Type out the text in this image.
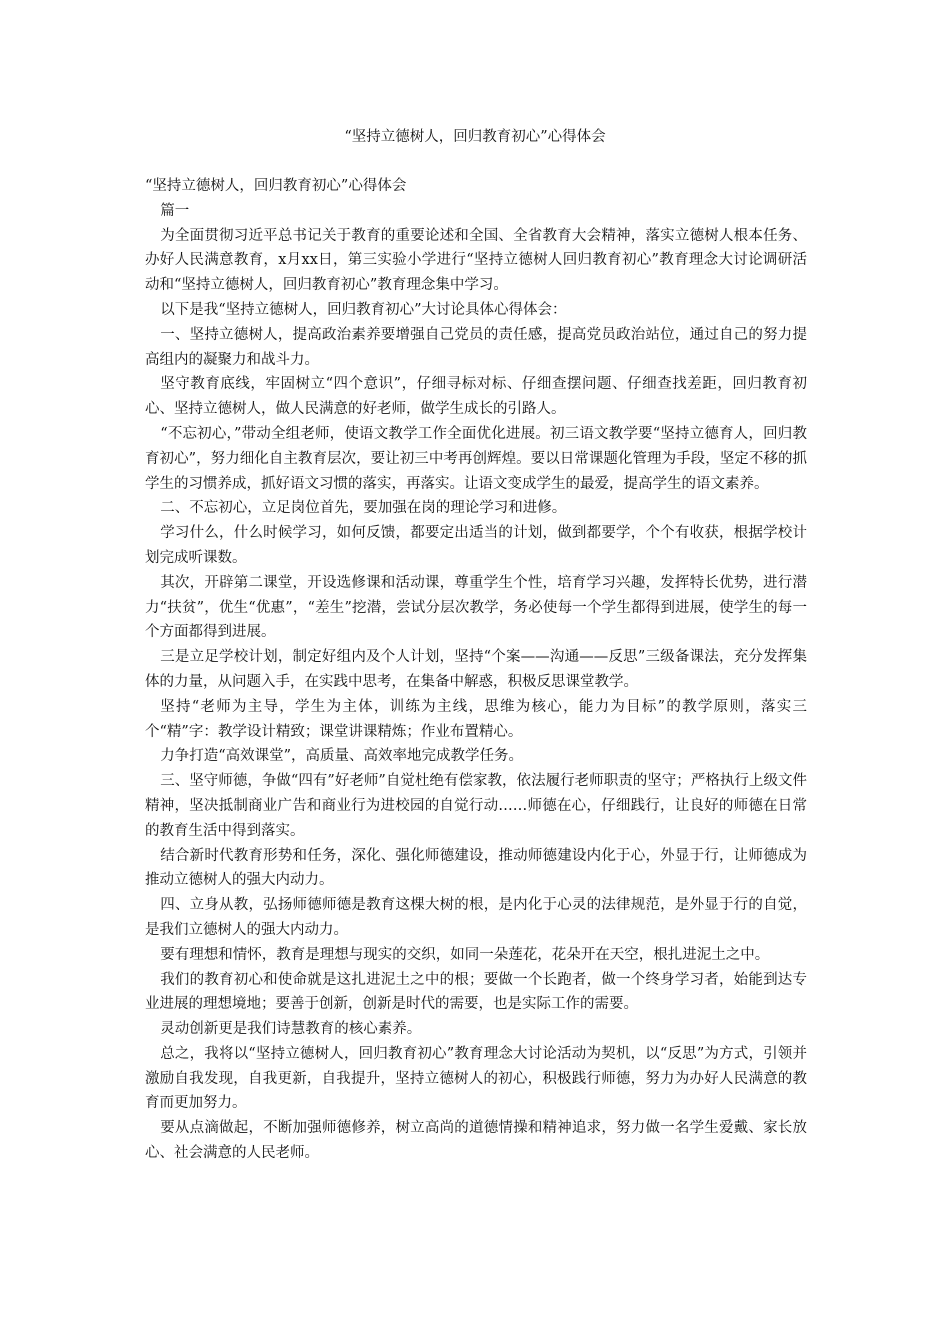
“坚持立德树人，回归教育初心”心得体会

“坚持立德树人，回归教育初心”心得体会

篇一

为全面贯彻习近平总书记关于教育的重要论述和全国、全省教育大会精神，落实立德树人根本任务、办好人民满意教育，x月xx日，第三实验小学进行“坚持立德树人回归教育初心”教育理念大讨论调研活动和“坚持立德树人，回归教育初心”教育理念集中学习。

以下是我“坚持立德树人，回归教育初心”大讨论具体心得体会：

一、坚持立德树人，提高政治素养要增强自己党员的责任感，提高党员政治站位，通过自己的努力提高组内的凝聚力和战斗力。

坚守教育底线，牢固树立“四个意识”，仔细寻标对标、仔细查摆问题、仔细查找差距，回归教育初心、坚持立德树人，做人民满意的好老师，做学生成长的引路人。

“不忘初心，”带动全组老师，使语文教学工作全面优化进展。初三语文教学要“坚持立德育人，回归教育初心”，努力细化自主教育层次，要让初三中考再创辉煌。要以日常课题化管理为手段，坚定不移的抓学生的习惯养成，抓好语文习惯的落实，再落实。让语文变成学生的最爱，提高学生的语文素养。

二、不忘初心，立足岗位首先，要加强在岗的理论学习和进修。

学习什么，什么时候学习，如何反馈，都要定出适当的计划，做到都要学，个个有收获，根据学校计划完成听课数。

其次，开辟第二课堂，开设选修课和活动课，尊重学生个性，培育学习兴趣，发挥特长优势，进行潜力“扶贫”，优生“优惠”，“差生”挖潜，尝试分层次教学，务必使每一个学生都得到进展，使学生的每一个方面都得到进展。

三是立足学校计划，制定好组内及个人计划，坚持“个案——沟通——反思”三级备课法，充分发挥集体的力量，从问题入手，在实践中思考，在集备中解惑，积极反思课堂教学。

坚持“老师为主导，学生为主体，训练为主线，思维为核心，能力为目标”的教学原则，落实三个“精”字：教学设计精致；课堂讲课精炼；作业布置精心。

力争打造“高效课堂”，高质量、高效率地完成教学任务。

三、坚守师德，争做“四有”好老师”自觉杜绝有偿家教，依法履行老师职责的坚守；严格执行上级文件精神，坚决抵制商业广告和商业行为进校园的自觉行动……师德在心，仔细践行，让良好的师德在日常的教育生活中得到落实。

结合新时代教育形势和任务，深化、强化师德建设，推动师德建设内化于心，外显于行，让师德成为推动立德树人的强大内动力。

四、立身从教，弘扬师德师德是教育这棵大树的根，是内化于心灵的法律规范，是外显于行的自觉，是我们立德树人的强大内动力。

要有理想和情怀，教育是理想与现实的交织，如同一朵莲花，花朵开在天空，根扎进泥土之中。

我们的教育初心和使命就是这扎进泥土之中的根；要做一个长跑者，做一个终身学习者，始能到达专业进展的理想境地；要善于创新，创新是时代的需要，也是实际工作的需要。

灵动创新更是我们诗慧教育的核心素养。

总之，我将以“坚持立德树人，回归教育初心”教育理念大讨论活动为契机，以“反思”为方式，引领并激励自我发现，自我更新，自我提升，坚持立德树人的初心，积极践行师德，努力为办好人民满意的教育而更加努力。

要从点滴做起，不断加强师德修养，树立高尚的道德情操和精神追求，努力做一名学生爱戴、家长放心、社会满意的人民老师。
